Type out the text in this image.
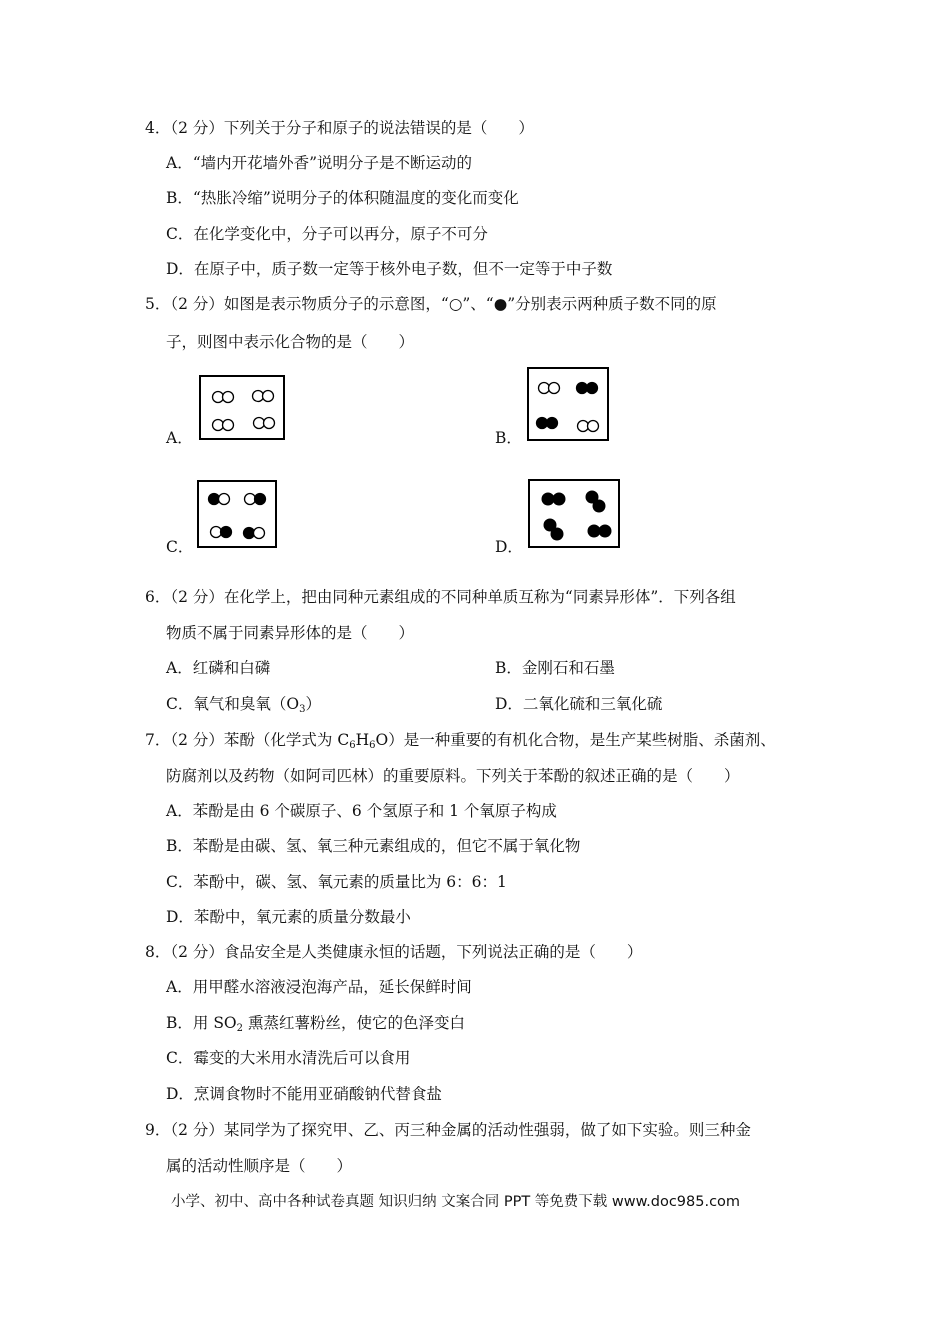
4．（2 分）下列关于分子和原子的说法错误的是（　　）
A．“墙内开花墙外香”说明分子是不断运动的
B．“热胀冷缩”说明分子的体积随温度的变化而变化
C．在化学变化中，分子可以再分，原子不可分
D．在原子中，质子数一定等于核外电子数，但不一定等于中子数
5．（2 分）如图是表示物质分子的示意图，“○”、“●”分别表示两种质子数不同的原
子，则图中表示化合物的是（　　）
A．	B．
C．	D．
6．（2 分）在化学上，把由同种元素组成的不同种单质互称为“同素异形体”．下列各组
物质不属于同素异形体的是（　　）
A．红磷和白磷	B．金刚石和石墨
C．氧气和臭氧$(O_3)$	D．二氧化硫和三氧化硫
7．（2 分）苯酚（化学式为 $C_6H_6O$）是一种重要的有机化合物，是生产某些树脂、杀菌剂、
防腐剂以及药物（如阿司匹林）的重要原料。下列关于苯酚的叙述正确的是（　　）
A．苯酚是由 6 个碳原子、6 个氢原子和 1 个氧原子构成
B．苯酚是由碳、氢、氧三种元素组成的，但它不属于氧化物
C．苯酚中，碳、氢、氧元素的质量比为 6：6：1
D．苯酚中，氧元素的质量分数最小
8．（2 分）食品安全是人类健康永恒的话题，下列说法正确的是（　　）
A．用甲醛水溶液浸泡海产品，延长保鲜时间
B．用 $SO_2$ 熏蒸红薯粉丝，使它的色泽变白
C．霉变的大米用水清洗后可以食用
D．烹调食物时不能用亚硝酸钠代替食盐
9．（2 分）某同学为了探究甲、乙、丙三种金属的活动性强弱，做了如下实验。则三种金
属的活动性顺序是（　　）
小学、初中、高中各种试卷真题 知识归纳 文案合同 PPT 等免费下载 www.doc985.com
